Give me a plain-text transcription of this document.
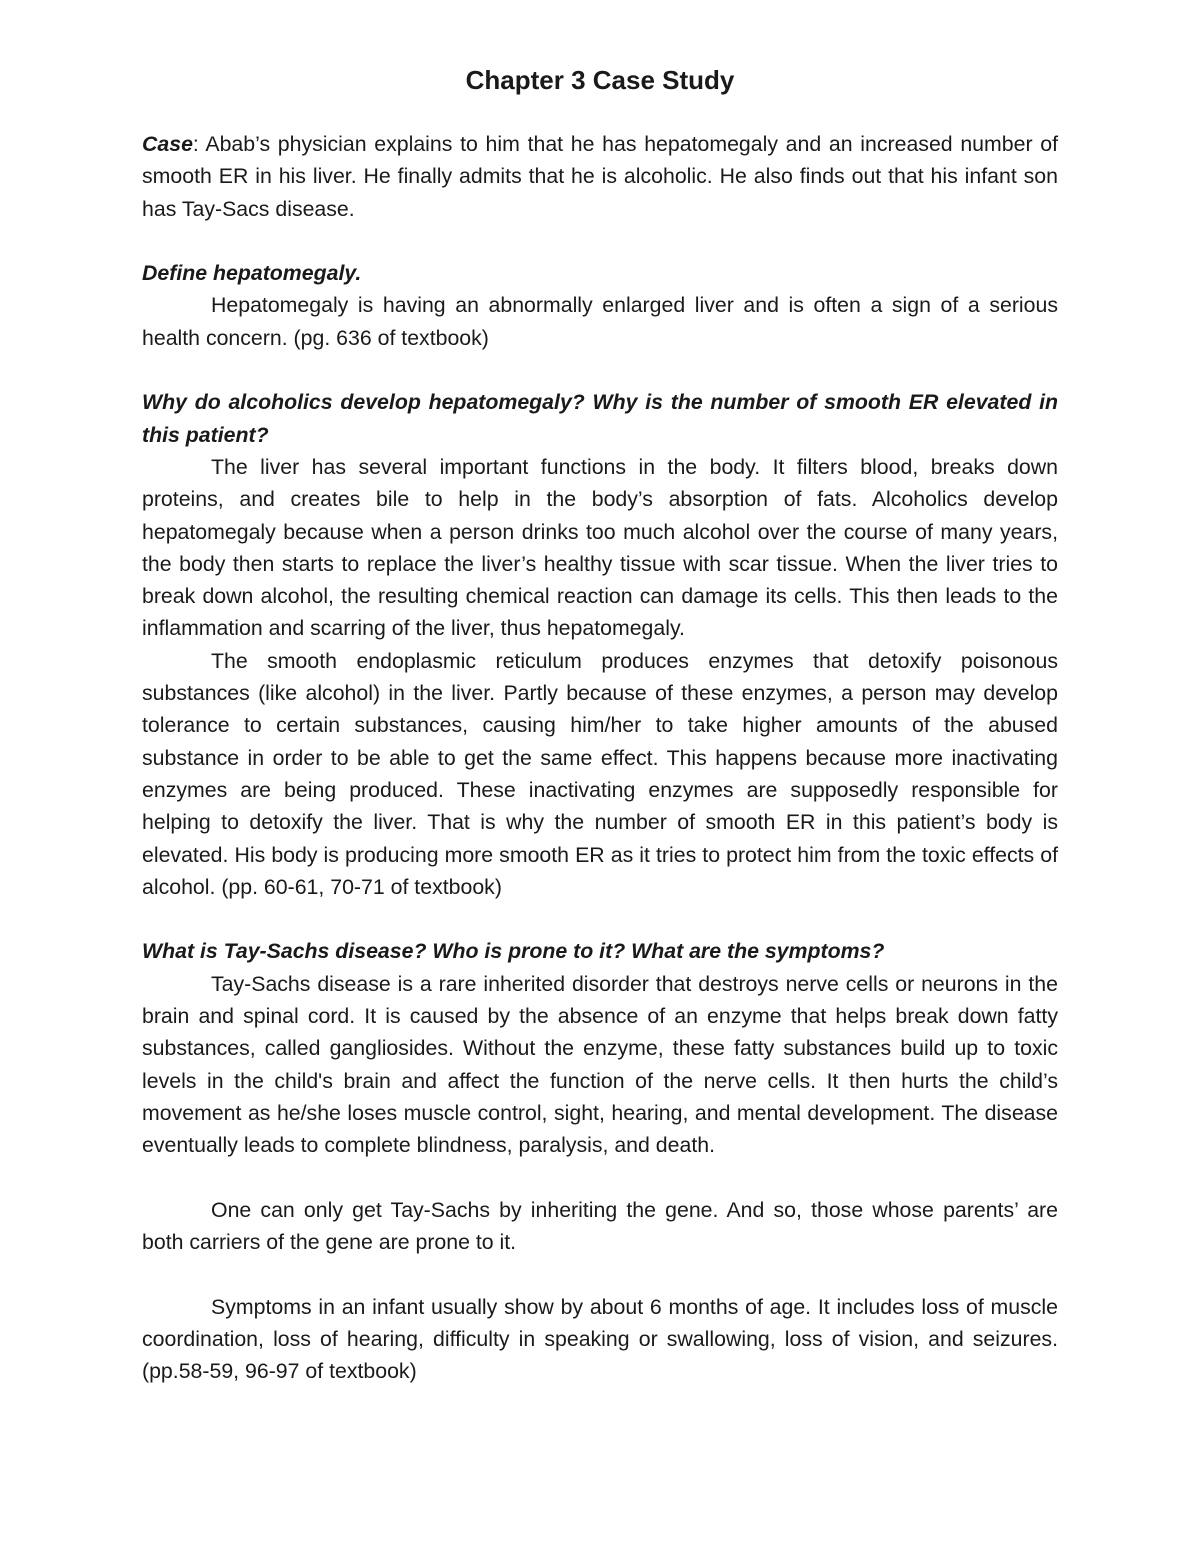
Chapter 3 Case Study

Case: Abab’s physician explains to him that he has hepatomegaly and an increased number of smooth ER in his liver. He finally admits that he is alcoholic. He also finds out that his infant son has Tay-Sacs disease.

Define hepatomegaly.

Hepatomegaly is having an abnormally enlarged liver and is often a sign of a serious health concern. (pg. 636 of textbook)

Why do alcoholics develop hepatomegaly? Why is the number of smooth ER elevated in this patient?

The liver has several important functions in the body. It filters blood, breaks down proteins, and creates bile to help in the body’s absorption of fats. Alcoholics develop hepatomegaly because when a person drinks too much alcohol over the course of many years, the body then starts to replace the liver’s healthy tissue with scar tissue. When the liver tries to break down alcohol, the resulting chemical reaction can damage its cells. This then leads to the inflammation and scarring of the liver, thus hepatomegaly.

The smooth endoplasmic reticulum produces enzymes that detoxify poisonous substances (like alcohol) in the liver. Partly because of these enzymes, a person may develop tolerance to certain substances, causing him/her to take higher amounts of the abused substance in order to be able to get the same effect. This happens because more inactivating enzymes are being produced. These inactivating enzymes are supposedly responsible for helping to detoxify the liver. That is why the number of smooth ER in this patient’s body is elevated. His body is producing more smooth ER as it tries to protect him from the toxic effects of alcohol. (pp. 60-61, 70-71 of textbook)

What is Tay-Sachs disease? Who is prone to it? What are the symptoms?

Tay-Sachs disease is a rare inherited disorder that destroys nerve cells or neurons in the brain and spinal cord. It is caused by the absence of an enzyme that helps break down fatty substances, called gangliosides. Without the enzyme, these fatty substances build up to toxic levels in the child's brain and affect the function of the nerve cells. It then hurts the child’s movement as he/she loses muscle control, sight, hearing, and mental development. The disease eventually leads to complete blindness, paralysis, and death.

One can only get Tay-Sachs by inheriting the gene. And so, those whose parents’ are both carriers of the gene are prone to it.

Symptoms in an infant usually show by about 6 months of age. It includes loss of muscle coordination, loss of hearing, difficulty in speaking or swallowing, loss of vision, and seizures. (pp.58-59, 96-97 of textbook)
